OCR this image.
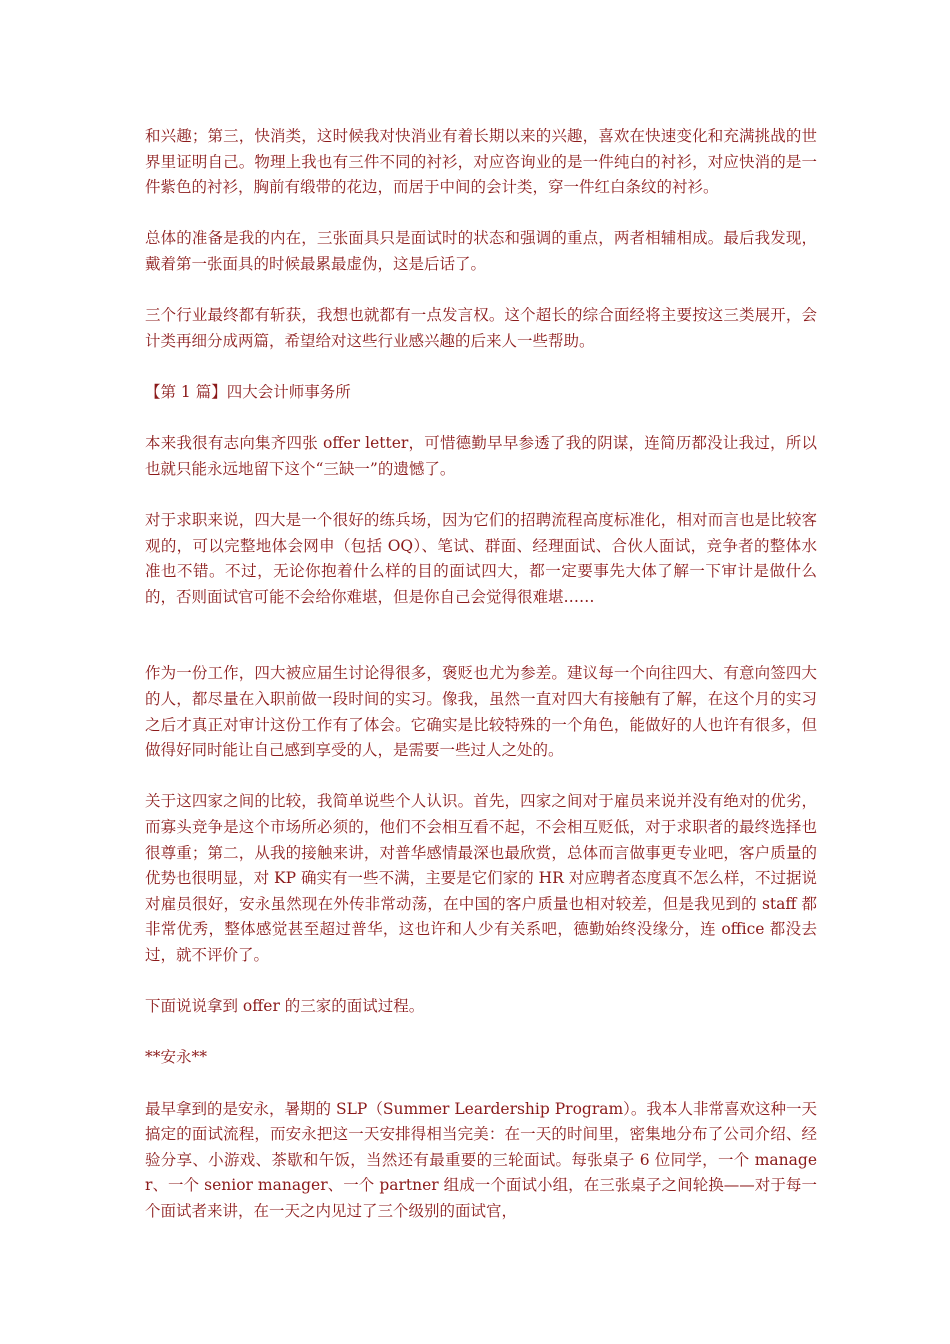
和兴趣；第三，快消类，这时候我对快消业有着长期以来的兴趣，喜欢在快速变化和充满挑战的世界里证明自己。物理上我也有三件不同的衬衫，对应咨询业的是一件纯白的衬衫，对应快消的是一件紫色的衬衫，胸前有缎带的花边，而居于中间的会计类，穿一件红白条纹的衬衫。

总体的准备是我的内在，三张面具只是面试时的状态和强调的重点，两者相辅相成。最后我发现，戴着第一张面具的时候最累最虚伪，这是后话了。

三个行业最终都有斩获，我想也就都有一点发言权。这个超长的综合面经将主要按这三类展开，会计类再细分成两篇，希望给对这些行业感兴趣的后来人一些帮助。

【第 1 篇】四大会计师事务所

本来我很有志向集齐四张 offer letter，可惜德勤早早参透了我的阴谋，连简历都没让我过，所以也就只能永远地留下这个“三缺一”的遗憾了。

对于求职来说，四大是一个很好的练兵场，因为它们的招聘流程高度标准化，相对而言也是比较客观的，可以完整地体会网申（包括 OQ）、笔试、群面、经理面试、合伙人面试，竞争者的整体水准也不错。不过，无论你抱着什么样的目的面试四大，都一定要事先大体了解一下审计是做什么的，否则面试官可能不会给你难堪，但是你自己会觉得很难堪……

作为一份工作，四大被应届生讨论得很多，褒贬也尤为参差。建议每一个向往四大、有意向签四大的人，都尽量在入职前做一段时间的实习。像我，虽然一直对四大有接触有了解，在这个月的实习之后才真正对审计这份工作有了体会。它确实是比较特殊的一个角色，能做好的人也许有很多，但做得好同时能让自己感到享受的人，是需要一些过人之处的。

关于这四家之间的比较，我简单说些个人认识。首先，四家之间对于雇员来说并没有绝对的优劣，而寡头竞争是这个市场所必须的，他们不会相互看不起，不会相互贬低，对于求职者的最终选择也很尊重；第二，从我的接触来讲，对普华感情最深也最欣赏，总体而言做事更专业吧，客户质量的优势也很明显，对 KP 确实有一些不满，主要是它们家的 HR 对应聘者态度真不怎么样，不过据说对雇员很好，安永虽然现在外传非常动荡，在中国的客户质量也相对较差，但是我见到的 staff 都非常优秀，整体感觉甚至超过普华，这也许和人少有关系吧，德勤始终没缘分，连 office 都没去过，就不评价了。

下面说说拿到 offer 的三家的面试过程。

**安永**

最早拿到的是安永，暑期的 SLP（Summer Leardership Program）。我本人非常喜欢这种一天搞定的面试流程，而安永把这一天安排得相当完美：在一天的时间里，密集地分布了公司介绍、经验分享、小游戏、茶歇和午饭，当然还有最重要的三轮面试。每张桌子 6 位同学，一个 manager、一个 senior manager、一个 partner 组成一个面试小组，在三张桌子之间轮换——对于每一个面试者来讲，在一天之内见过了三个级别的面试官，
